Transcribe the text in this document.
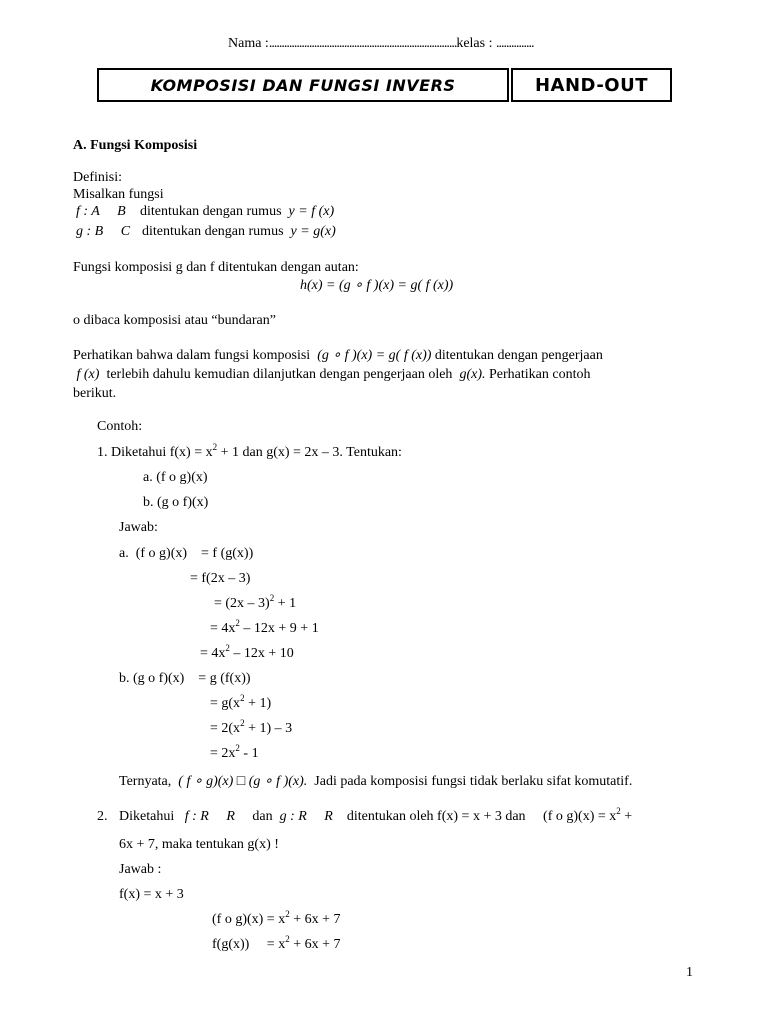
Nama :...........................................................................kelas : ...............
KOMPOSISI DAN FUNGSI INVERS	HAND-OUT
A. Fungsi Komposisi
Definisi:
Misalkan fungsi
f : A     B ditentukan dengan rumus y = f (x)
g : B     C ditentukan dengan rumus y = g(x)
Fungsi komposisi g dan f ditentukan dengan autan:
h(x) = (g ∘ f )(x) = g( f (x))
o dibaca komposisi atau “bundaran”
Perhatikan bahwa dalam fungsi komposisi (g ∘ f )(x) = g( f (x)) ditentukan dengan pengerjaan
f (x) terlebih dahulu kemudian dilanjutkan dengan pengerjaan oleh g(x). Perhatikan contoh
berikut.
Contoh:
1. Diketahui $f(x) = x^2 + 1$ dan g(x) = 2x – 3. Tentukan:
a. (f o g)(x)
b. (g o f)(x)
Jawab:
a.  (f o g)(x)    = f (g(x))
= f(2x – 3)
= (2x – 3)$^2$ + 1
= $4x^2 - 12x + 9 + 1$
= $4x^2 - 12x + 10$
b. (g o f)(x)    = g (f(x))
= $g(x^2 + 1)$
= $2(x^2 + 1) - 3$
= $2x^2 - 1$
Ternyata, ( f ∘ g)(x) □ (g ∘ f )(x). Jadi pada komposisi fungsi tidak berlaku sifat komutatif.
2. Diketahui f : R     R dan g : R     R ditentukan oleh f(x) = x + 3 dan     (f o $g)(x) = x^2$ +
6x + 7, maka tentukan g(x) !
Jawab :
f(x) = x + 3
(f o $g)(x) = x^2 + 6x + 7$
f(g(x))     = $x^2 + 6x + 7$
1
